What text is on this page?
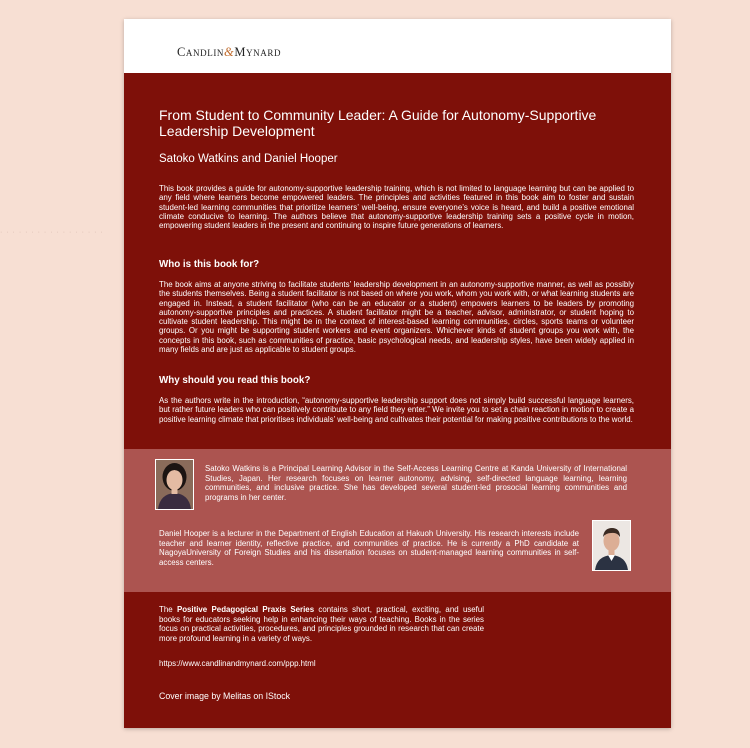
· · · · · · · · · · · · · · · · ·
Candlin&Mynard
From Student to Community Leader: A Guide for Autonomy-Supportive Leadership Development
Satoko Watkins and Daniel Hooper

This book provides a guide for autonomy-supportive leadership training, which is not limited to language learning but can be applied to any field where learners become empowered leaders. The principles and activities featured in this book aim to foster and sustain student-led learning communities that prioritize learners’ well-being, ensure everyone’s voice is heard, and build a positive emotional climate conducive to learning. The authors believe that autonomy-supportive leadership training sets a positive cycle in motion, empowering student leaders in the present and continuing to inspire future generations of learners.

Who is this book for?

The book aims at anyone striving to facilitate students’ leadership development in an autonomy-supportive manner, as well as possibly the students themselves. Being a student facilitator is not based on where you work, whom you work with, or what learning students are engaged in. Instead, a student facilitator (who can be an educator or a student) empowers learners to be leaders by promoting autonomy-supportive principles and practices. A student facilitator might be a teacher, advisor, administrator, or student hoping to cultivate student leadership. This might be in the context of interest-based learning communities, circles, sports teams or volunteer groups. Or you might be supporting student workers and event organizers. Whichever kinds of student groups you work with, the concepts in this book, such as communities of practice, basic psychological needs, and leadership styles, have been widely applied in many fields and are just as applicable to student groups.

Why should you read this book?

As the authors write in the introduction, “autonomy-supportive leadership support does not simply build successful language learners, but rather future leaders who can positively contribute to any field they enter.” We invite you to set a chain reaction in motion to create a positive learning climate that prioritises individuals’ well-being and cultivates their potential for making positive contributions to the world.

Satoko Watkins is a Principal Learning Advisor in the Self-Access Learning Centre at Kanda University of International Studies, Japan. Her research focuses on learner autonomy, advising, self-directed language learning, learning communities, and inclusive practice. She has developed several student-led prosocial learning communities and programs in her center.

Daniel Hooper is a lecturer in the Department of English Education at Hakuoh University. His research interests include teacher and learner identity, reflective practice, and communities of practice. He is currently a PhD candidate at NagoyaUniversity of Foreign Studies and his dissertation focuses on student-managed learning communities in self-access centers.

The Positive Pedagogical Praxis Series contains short, practical, exciting, and useful books for educators seeking help in enhancing their ways of teaching. Books in the series focus on practical activities, procedures, and principles grounded in research that can create more profound learning in a variety of ways.

https://www.candlinandmynard.com/ppp.html
Cover image by Melitas on IStock
